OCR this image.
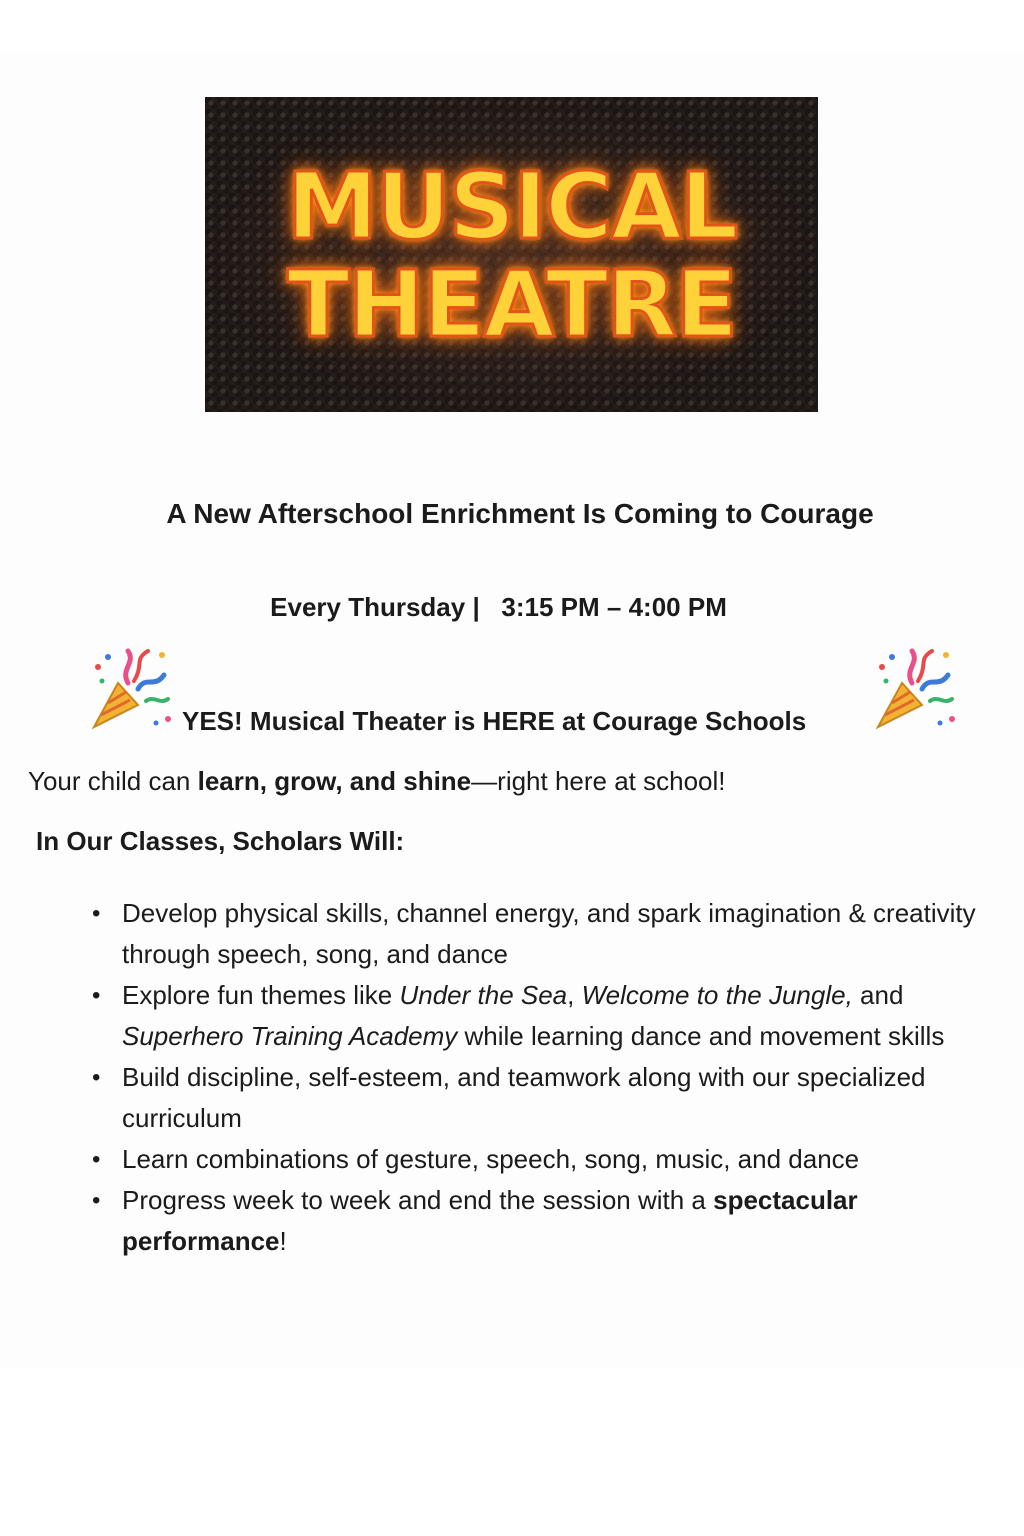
MUSICAL
THEATRE
A New Afterschool Enrichment Is Coming to Courage
Every Thursday | 3:15 PM – 4:00 PM
YES! Musical Theater is HERE at Courage Schools
Your child can learn, grow, and shine—right here at school!
In Our Classes, Scholars Will:
• Develop physical skills, channel energy, and spark imagination & creativity through speech, song, and dance
• Explore fun themes like Under the Sea, Welcome to the Jungle, and Superhero Training Academy while learning dance and movement skills
• Build discipline, self-esteem, and teamwork along with our specialized curriculum
• Learn combinations of gesture, speech, song, music, and dance
• Progress week to week and end the session with a spectacular performance!
